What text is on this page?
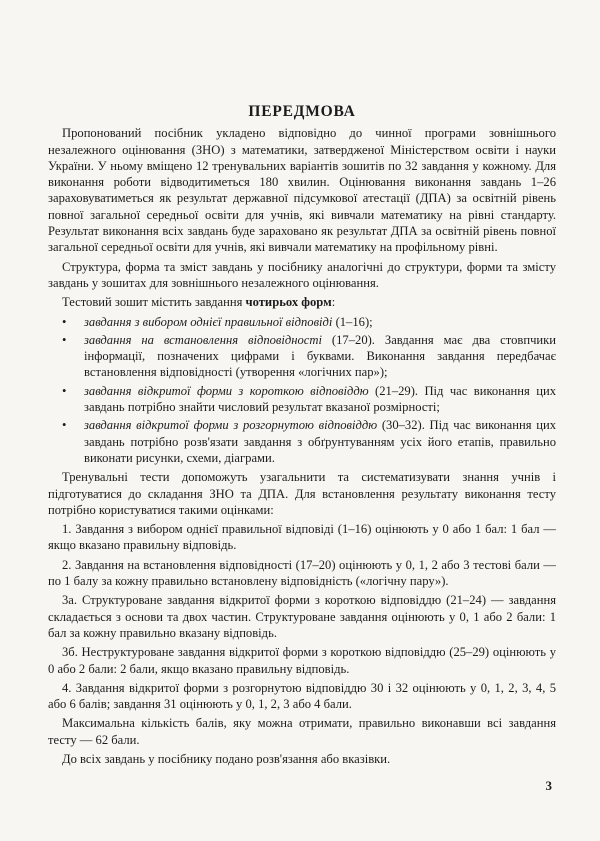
ПЕРЕДМОВА

Пропонований посібник укладено відповідно до чинної програми зовнішнього незалежного оцінювання (ЗНО) з математики, затвердженої Міністерством освіти і науки України. У ньому вміщено 12 тренувальних варіантів зошитів по 32 завдання у кожному. Для виконання роботи відводитиметься 180 хвилин. Оцінювання виконання завдань 1–26 зараховуватиметься як результат державної підсумкової атестації (ДПА) за освітній рівень повної загальної середньої освіти для учнів, які вивчали математику на рівні стандарту. Результат виконання всіх завдань буде зараховано як результат ДПА за освітній рівень повної загальної середньої освіти для учнів, які вивчали математику на профільному рівні.

Структура, форма та зміст завдань у посібнику аналогічні до структури, форми та змісту завдань у зошитах для зовнішнього незалежного оцінювання.

Тестовий зошит містить завдання чотирьох форм:

• завдання з вибором однієї правильної відповіді (1–16);
• завдання на встановлення відповідності (17–20). Завдання має два стовпчики інформації, позначених цифрами і буквами. Виконання завдання передбачає встановлення відповідності (утворення «логічних пар»);
• завдання відкритої форми з короткою відповіддю (21–29). Під час виконання цих завдань потрібно знайти числовий результат вказаної розмірності;
• завдання відкритої форми з розгорнутою відповіддю (30–32). Під час виконання цих завдань потрібно розв'язати завдання з обґрунтуванням усіх його етапів, правильно виконати рисунки, схеми, діаграми.

Тренувальні тести допоможуть узагальнити та систематизувати знання учнів і підготуватися до складання ЗНО та ДПА. Для встановлення результату виконання тесту потрібно користуватися такими оцінками:

1. Завдання з вибором однієї правильної відповіді (1–16) оцінюють у 0 або 1 бал: 1 бал — якщо вказано правильну відповідь.

2. Завдання на встановлення відповідності (17–20) оцінюють у 0, 1, 2 або 3 тестові бали — по 1 балу за кожну правильно встановлену відповідність («логічну пару»).

3а. Структуроване завдання відкритої форми з короткою відповіддю (21–24) — завдання складається з основи та двох частин. Структуроване завдання оцінюють у 0, 1 або 2 бали: 1 бал за кожну правильно вказану відповідь.

3б. Неструктуроване завдання відкритої форми з короткою відповіддю (25–29) оцінюють у 0 або 2 бали: 2 бали, якщо вказано правильну відповідь.

4. Завдання відкритої форми з розгорнутою відповіддю 30 і 32 оцінюють у 0, 1, 2, 3, 4, 5 або 6 балів; завдання 31 оцінюють у 0, 1, 2, 3 або 4 бали.

Максимальна кількість балів, яку можна отримати, правильно виконавши всі завдання тесту — 62 бали.

До всіх завдань у посібнику подано розв'язання або вказівки.

3
